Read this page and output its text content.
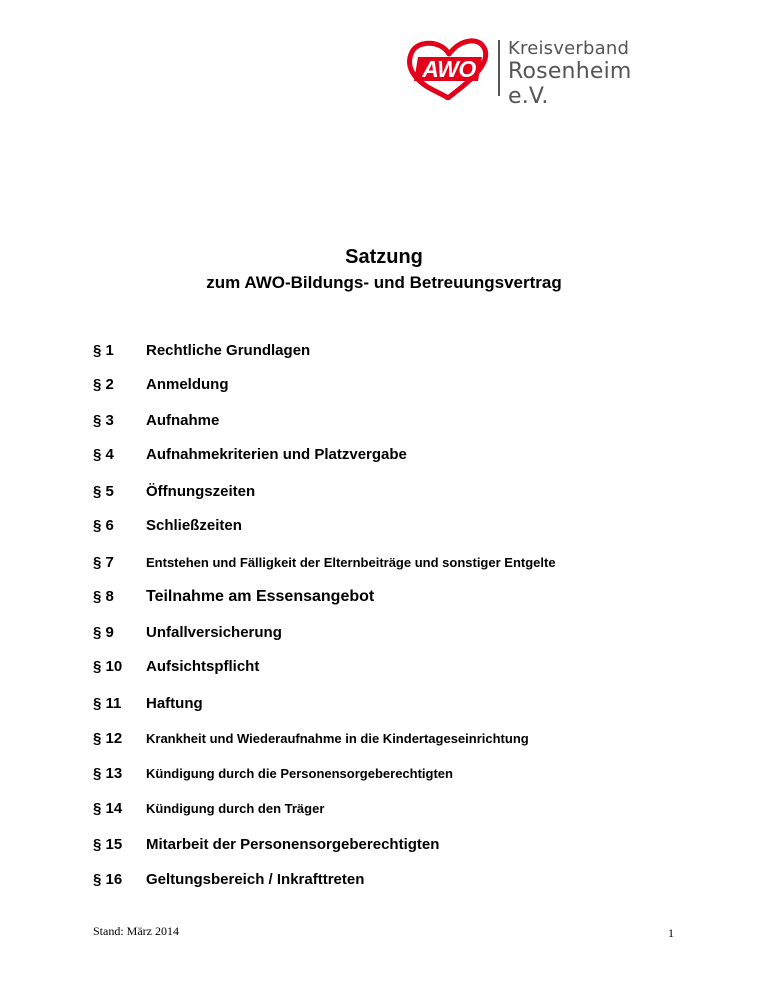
AWO
Kreisverband
Rosenheim e.V.
Satzung
zum AWO-Bildungs- und Betreuungsvertrag
§ 1	Rechtliche Grundlagen
§ 2	Anmeldung
§ 3	Aufnahme
§ 4	Aufnahmekriterien und Platzvergabe
§ 5	Öffnungszeiten
§ 6	Schließzeiten
§ 7	Entstehen und Fälligkeit der Elternbeiträge und sonstiger Entgelte
§ 8	Teilnahme am Essensangebot
§ 9	Unfallversicherung
§ 10	Aufsichtspflicht
§ 11	Haftung
§ 12	Krankheit und Wiederaufnahme in die Kindertageseinrichtung
§ 13	Kündigung durch die Personensorgeberechtigten
§ 14	Kündigung durch den Träger
§ 15	Mitarbeit der Personensorgeberechtigten
§ 16	Geltungsbereich / Inkrafttreten
Stand: März 2014	1
